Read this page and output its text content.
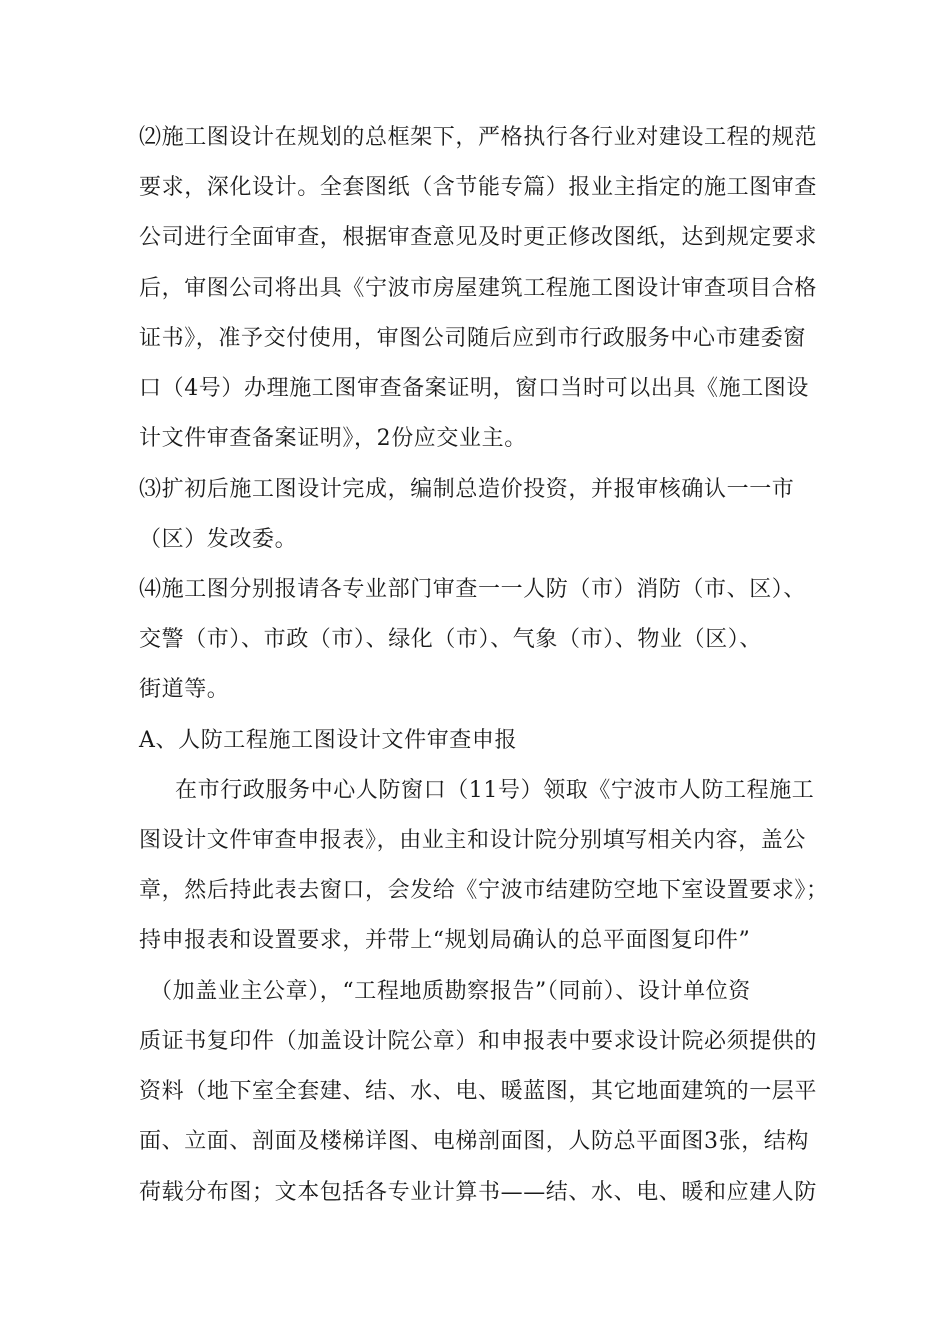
⑵施工图设计在规划的总框架下，严格执行各行业对建设工程的规范
要求，深化设计。全套图纸（含节能专篇）报业主指定的施工图审查
公司进行全面审查，根据审查意见及时更正修改图纸，达到规定要求
后，审图公司将出具《宁波市房屋建筑工程施工图设计审查项目合格
证书》，准予交付使用，审图公司随后应到市行政服务中心市建委窗
口（4号）办理施工图审查备案证明，窗口当时可以出具《施工图设
计文件审查备案证明》，2份应交业主。
⑶扩初后施工图设计完成，编制总造价投资，并报审核确认一一市
（区）发改委。
⑷施工图分别报请各专业部门审查一一人防（市）消防（市、区）、
交警（市）、市政（市）、绿化（市）、气象（市）、物业（区）、
街道等。
A、人防工程施工图设计文件审查申报
在市行政服务中心人防窗口（11号）领取《宁波市人防工程施工
图设计文件审查申报表》，由业主和设计院分别填写相关内容，盖公
章，然后持此表去窗口，会发给《宁波市结建防空地下室设置要求》；
持申报表和设置要求，并带上“规划局确认的总平面图复印件”
（加盖业主公章），“工程地质勘察报告”（同前）、设计单位资
质证书复印件（加盖设计院公章）和申报表中要求设计院必须提供的
资料（地下室全套建、结、水、电、暖蓝图，其它地面建筑的一层平
面、立面、剖面及楼梯详图、电梯剖面图，人防总平面图3张，结构
荷载分布图；文本包括各专业计算书——结、水、电、暖和应建人防
